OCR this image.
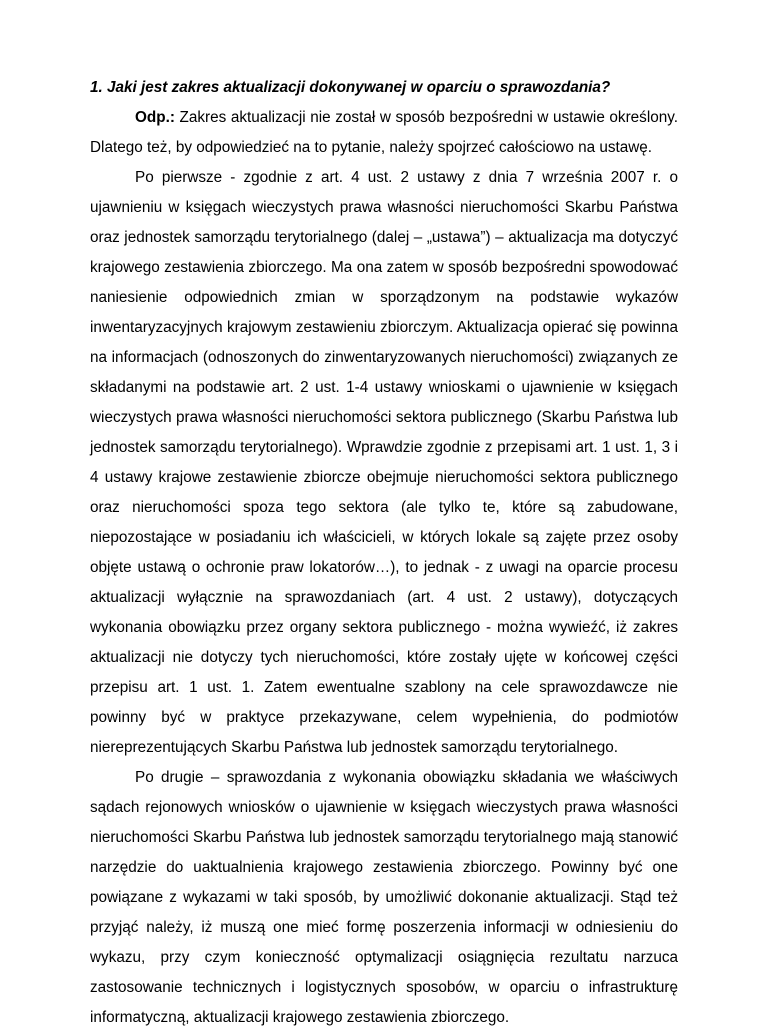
1. Jaki jest zakres aktualizacji dokonywanej w oparciu o sprawozdania?

Odp.: Zakres aktualizacji nie został w sposób bezpośredni w ustawie określony. Dlatego też, by odpowiedzieć na to pytanie, należy spojrzeć całościowo na ustawę.

Po pierwsze - zgodnie z art. 4 ust. 2 ustawy z dnia 7 września 2007 r. o ujawnieniu w księgach wieczystych prawa własności nieruchomości Skarbu Państwa oraz jednostek samorządu terytorialnego (dalej – „ustawa”) – aktualizacja ma dotyczyć krajowego zestawienia zbiorczego. Ma ona zatem w sposób bezpośredni spowodować naniesienie odpowiednich zmian w sporządzonym na podstawie wykazów inwentaryzacyjnych krajowym zestawieniu zbiorczym. Aktualizacja opierać się powinna na informacjach (odnoszonych do zinwentaryzowanych nieruchomości) związanych ze składanymi na podstawie art. 2 ust. 1-4 ustawy wnioskami o ujawnienie w księgach wieczystych prawa własności nieruchomości sektora publicznego (Skarbu Państwa lub jednostek samorządu terytorialnego). Wprawdzie zgodnie z przepisami art. 1 ust. 1, 3 i 4 ustawy krajowe zestawienie zbiorcze obejmuje nieruchomości sektora publicznego oraz nieruchomości spoza tego sektora (ale tylko te, które są zabudowane, niepozostające w posiadaniu ich właścicieli, w których lokale są zajęte przez osoby objęte ustawą o ochronie praw lokatorów…), to jednak - z uwagi na oparcie procesu aktualizacji wyłącznie na sprawozdaniach (art. 4 ust. 2 ustawy), dotyczących wykonania obowiązku przez organy sektora publicznego - można wywieźć, iż zakres aktualizacji nie dotyczy tych nieruchomości, które zostały ujęte w końcowej części przepisu art. 1 ust. 1. Zatem ewentualne szablony na cele sprawozdawcze nie powinny być w praktyce przekazywane, celem wypełnienia, do podmiotów niereprezentujących Skarbu Państwa lub jednostek samorządu terytorialnego.

Po drugie – sprawozdania z wykonania obowiązku składania we właściwych sądach rejonowych wniosków o ujawnienie w księgach wieczystych prawa własności nieruchomości Skarbu Państwa lub jednostek samorządu terytorialnego mają stanowić narzędzie do uaktualnienia krajowego zestawienia zbiorczego. Powinny być one powiązane z wykazami w taki sposób, by umożliwić dokonanie aktualizacji. Stąd też przyjąć należy, iż muszą one mieć formę poszerzenia informacji w odniesieniu do wykazu, przy czym konieczność optymalizacji osiągnięcia rezultatu narzuca zastosowanie technicznych i logistycznych sposobów, w oparciu o infrastrukturę informatyczną, aktualizacji krajowego zestawienia zbiorczego.
